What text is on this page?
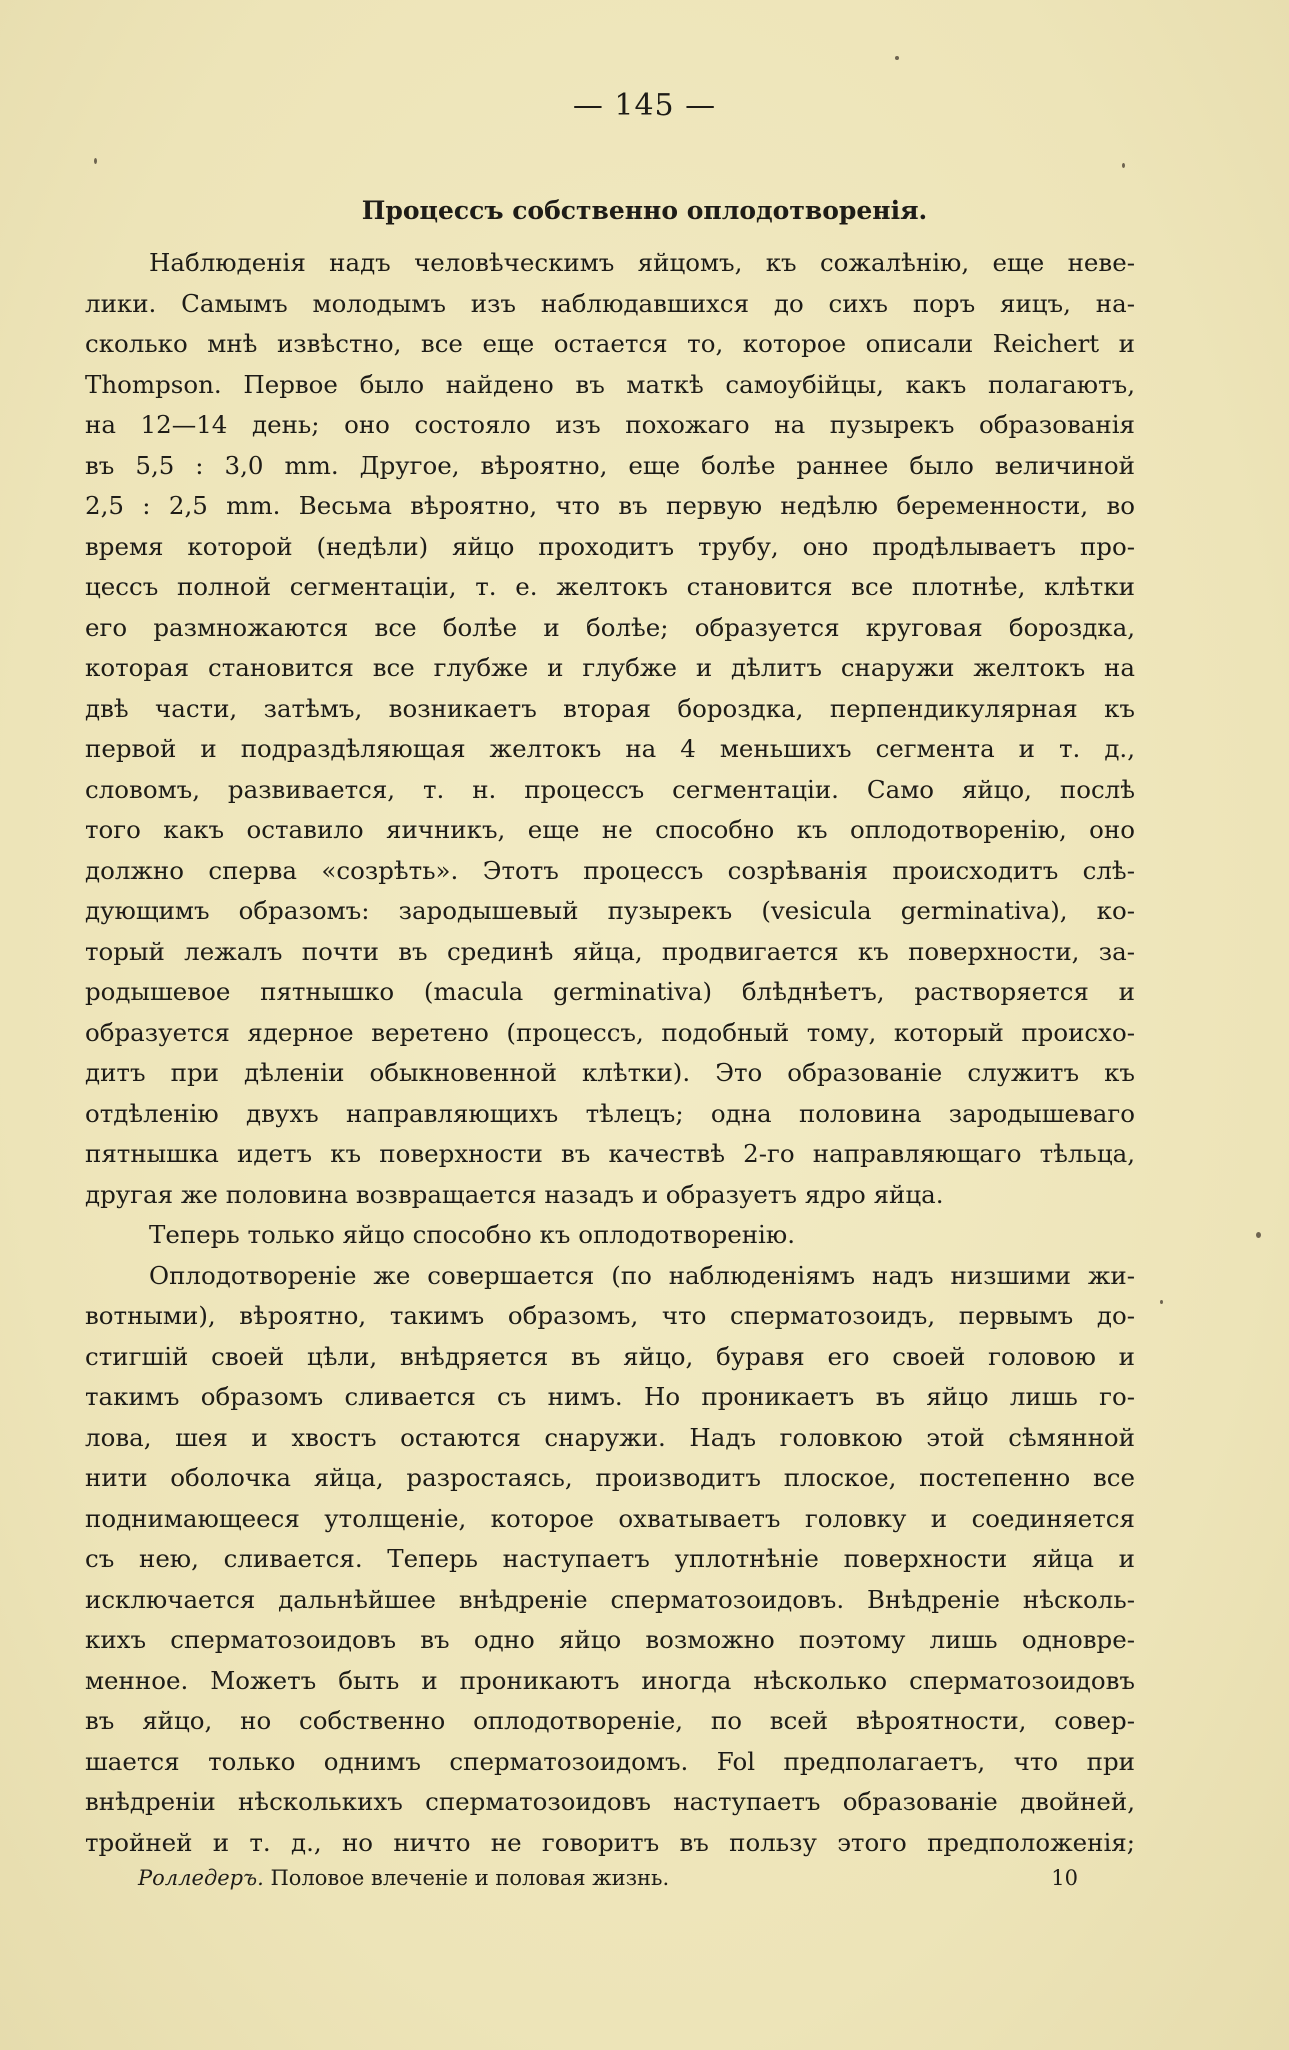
— 145 —
Процессъ собственно оплодотворенія.
Наблюденія надъ человѣческимъ яйцомъ, къ сожалѣнію, еще неве-
лики. Самымъ молодымъ изъ наблюдавшихся до сихъ поръ яицъ, на-
сколько мнѣ извѣстно, все еще остается то, которое описали Reichert и
Thompson. Первое было найдено въ маткѣ самоубійцы, какъ полагаютъ,
на 12—14 день; оно состояло изъ похожаго на пузырекъ образованія
въ 5,5 : 3,0 mm. Другое, вѣроятно, еще болѣе раннее было величиной
2,5 : 2,5 mm. Весьма вѣроятно, что въ первую недѣлю беременности, во
время которой (недѣли) яйцо проходитъ трубу, оно продѣлываетъ про-
цессъ полной сегментаціи, т. е. желтокъ становится все плотнѣе, клѣтки
его размножаются все болѣе и болѣе; образуется круговая бороздка,
которая становится все глубже и глубже и дѣлитъ снаружи желтокъ на
двѣ части, затѣмъ, возникаетъ вторая бороздка, перпендикулярная къ
первой и подраздѣляющая желтокъ на 4 меньшихъ сегмента и т. д.,
словомъ, развивается, т. н. процессъ сегментаціи. Само яйцо, послѣ
того какъ оставило яичникъ, еще не способно къ оплодотворенію, оно
должно сперва «созрѣть». Этотъ процессъ созрѣванія происходитъ слѣ-
дующимъ образомъ: зародышевый пузырекъ (vesicula germinativa), ко-
торый лежалъ почти въ срединѣ яйца, продвигается къ поверхности, за-
родышевое пятнышко (macula germinativa) блѣднѣетъ, растворяется и
образуется ядерное веретено (процессъ, подобный тому, который происхо-
дитъ при дѣленіи обыкновенной клѣтки). Это образованіе служитъ къ
отдѣленію двухъ направляющихъ тѣлецъ; одна половина зародышеваго
пятнышка идетъ къ поверхности въ качествѣ 2-го направляющаго тѣльца,
другая же половина возвращается назадъ и образуетъ ядро яйца.
Теперь только яйцо способно къ оплодотворенію.
Оплодотвореніе же совершается (по наблюденіямъ надъ низшими жи-
вотными), вѣроятно, такимъ образомъ, что сперматозоидъ, первымъ до-
стигшій своей цѣли, внѣдряется въ яйцо, буравя его своей головою и
такимъ образомъ сливается съ нимъ. Но проникаетъ въ яйцо лишь го-
лова, шея и хвостъ остаются снаружи. Надъ головкою этой сѣмянной
нити оболочка яйца, разростаясь, производитъ плоское, постепенно все
поднимающееся утолщеніе, которое охватываетъ головку и соединяется
съ нею, сливается. Теперь наступаетъ уплотнѣніе поверхности яйца и
исключается дальнѣйшее внѣдреніе сперматозоидовъ. Внѣдреніе нѣсколь-
кихъ сперматозоидовъ въ одно яйцо возможно поэтому лишь одновре-
менное. Можетъ быть и проникаютъ иногда нѣсколько сперматозоидовъ
въ яйцо, но собственно оплодотвореніе, по всей вѣроятности, совер-
шается только однимъ сперматозоидомъ. Fol предполагаетъ, что при
внѣдреніи нѣсколькихъ сперматозоидовъ наступаетъ образованіе двойней,
тройней и т. д., но ничто не говоритъ въ пользу этого предположенія;
Ролледеръ. Половое влеченіе и половая жизнь.	10
